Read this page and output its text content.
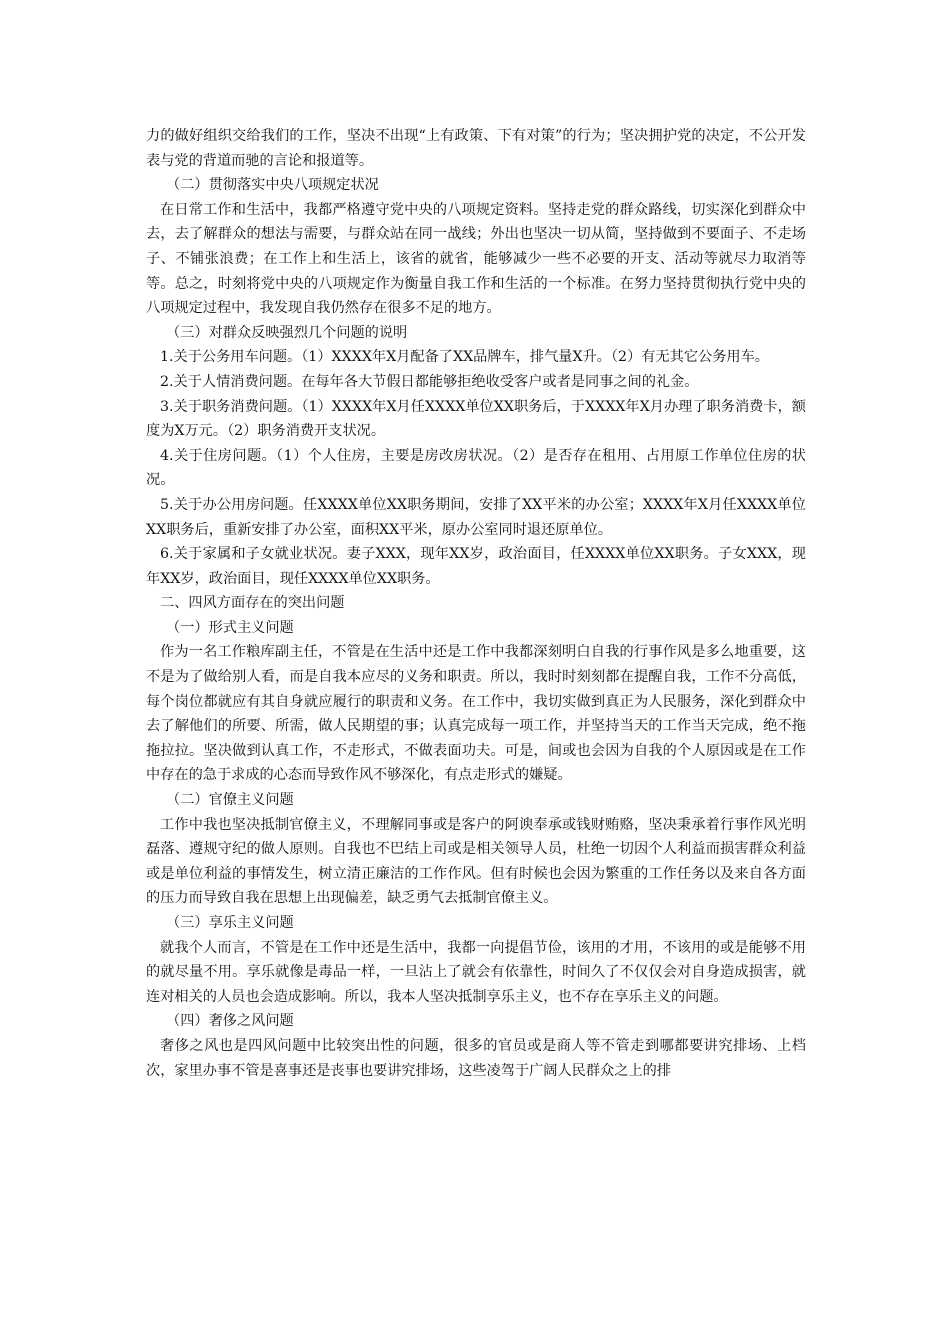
力的做好组织交给我们的工作，坚决不出现“上有政策、下有对策”的行为；坚决拥护党的决定，不公开发表与党的背道而驰的言论和报道等。

（二）贯彻落实中央八项规定状况

在日常工作和生活中，我都严格遵守党中央的八项规定资料。坚持走党的群众路线，切实深化到群众中去，去了解群众的想法与需要，与群众站在同一战线；外出也坚决一切从简，坚持做到不要面子、不走场子、不铺张浪费；在工作上和生活上，该省的就省，能够减少一些不必要的开支、活动等就尽力取消等等。总之，时刻将党中央的八项规定作为衡量自我工作和生活的一个标准。在努力坚持贯彻执行党中央的八项规定过程中，我发现自我仍然存在很多不足的地方。

（三）对群众反映强烈几个问题的说明

1.关于公务用车问题。（1）XXXX年X月配备了XX品牌车，排气量X升。（2）有无其它公务用车。

2.关于人情消费问题。在每年各大节假日都能够拒绝收受客户或者是同事之间的礼金。

3.关于职务消费问题。（1）XXXX年X月任XXXX单位XX职务后，于XXXX年X月办理了职务消费卡，额度为X万元。（2）职务消费开支状况。

4.关于住房问题。（1）个人住房，主要是房改房状况。（2）是否存在租用、占用原工作单位住房的状况。

5.关于办公用房问题。任XXXX单位XX职务期间，安排了XX平米的办公室；XXXX年X月任XXXX单位XX职务后，重新安排了办公室，面积XX平米，原办公室同时退还原单位。

6.关于家属和子女就业状况。妻子XXX，现年XX岁，政治面目，任XXXX单位XX职务。子女XXX，现年XX岁，政治面目，现任XXXX单位XX职务。

二、四风方面存在的突出问题

（一）形式主义问题

作为一名工作粮库副主任，不管是在生活中还是工作中我都深刻明白自我的行事作风是多么地重要，这不是为了做给别人看，而是自我本应尽的义务和职责。所以，我时时刻刻都在提醒自我，工作不分高低，每个岗位都就应有其自身就应履行的职责和义务。在工作中，我切实做到真正为人民服务，深化到群众中去了解他们的所要、所需，做人民期望的事；认真完成每一项工作，并坚持当天的工作当天完成，绝不拖拖拉拉。坚决做到认真工作，不走形式，不做表面功夫。可是，间或也会因为自我的个人原因或是在工作中存在的急于求成的心态而导致作风不够深化，有点走形式的嫌疑。

（二）官僚主义问题

工作中我也坚决抵制官僚主义，不理解同事或是客户的阿谀奉承或钱财贿赂，坚决秉承着行事作风光明磊落、遵规守纪的做人原则。自我也不巴结上司或是相关领导人员，杜绝一切因个人利益而损害群众利益或是单位利益的事情发生，树立清正廉洁的工作作风。但有时候也会因为繁重的工作任务以及来自各方面的压力而导致自我在思想上出现偏差，缺乏勇气去抵制官僚主义。

（三）享乐主义问题

就我个人而言，不管是在工作中还是生活中，我都一向提倡节俭，该用的才用，不该用的或是能够不用的就尽量不用。享乐就像是毒品一样，一旦沾上了就会有依靠性，时间久了不仅仅会对自身造成损害，就连对相关的人员也会造成影响。所以，我本人坚决抵制享乐主义，也不存在享乐主义的问题。

（四）奢侈之风问题

奢侈之风也是四风问题中比较突出性的问题，很多的官员或是商人等不管走到哪都要讲究排场、上档次，家里办事不管是喜事还是丧事也要讲究排场，这些凌驾于广阔人民群众之上的排
